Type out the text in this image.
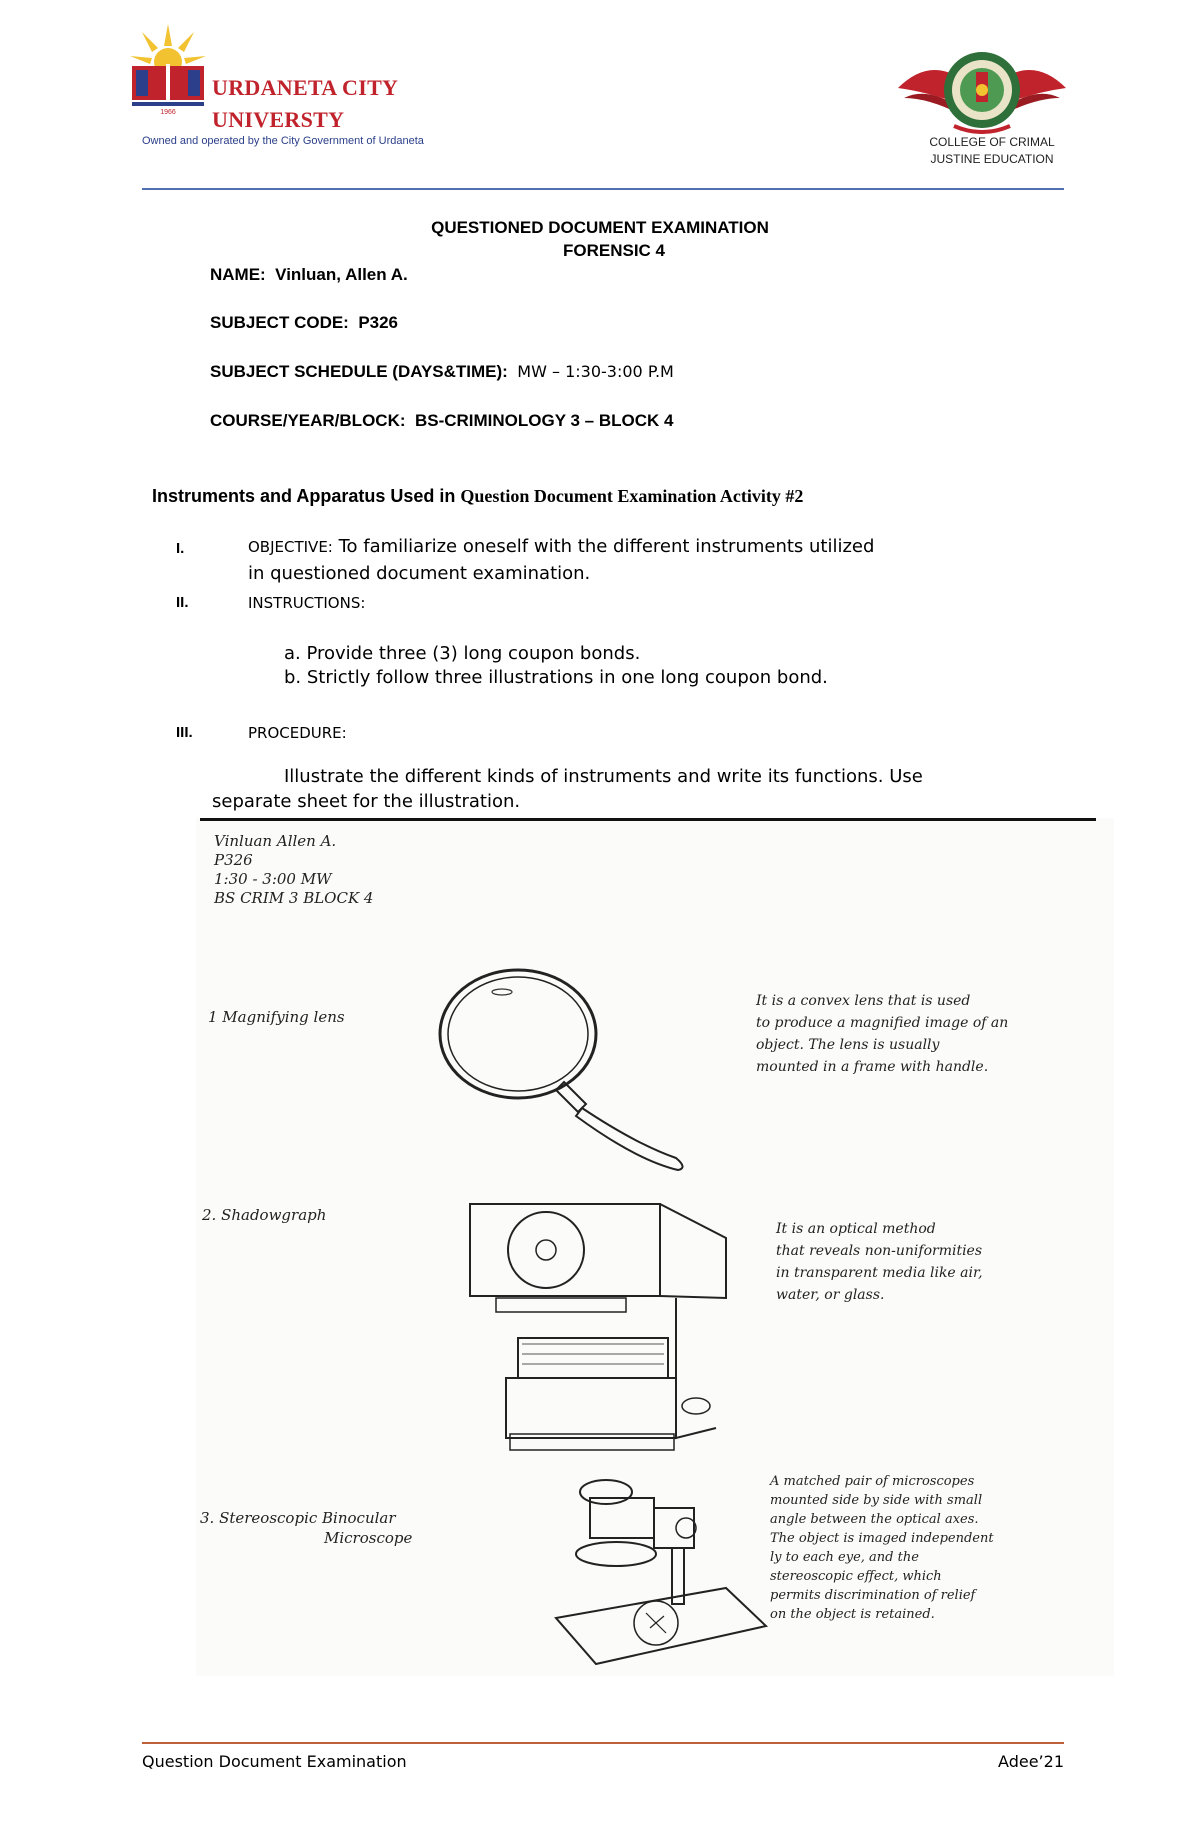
1966
URDANETA CITY
UNIVERSTY
Owned and operated by the City Government of Urdaneta	COLLEGE OF CRIMAL
JUSTINE EDUCATION
QUESTIONED DOCUMENT EXAMINATION
FORENSIC 4
NAME: Vinluan, Allen A.
SUBJECT CODE: P326
SUBJECT SCHEDULE (DAYS&TIME): MW – 1:30-3:00 P.M
COURSE/YEAR/BLOCK: BS-CRIMINOLOGY 3 – BLOCK 4
Instruments and Apparatus Used in Question Document Examination Activity #2
I.	OBJECTIVE: To familiarize oneself with the different instruments utilized
in questioned document examination.
II.	INSTRUCTIONS:
a. Provide three (3) long coupon bonds.
b. Strictly follow three illustrations in one long coupon bond.
III.	PROCEDURE:
Illustrate the different kinds of instruments and write its functions. Use
separate sheet for the illustration.
Vinluan Allen A.
P326
1:30 - 3:00 MW
BS CRIM 3 BLOCK 4
1 Magnifying lens
It is a convex lens that is used
to produce a magnified image of an
object. The lens is usually
mounted in a frame with handle.
2. Shadowgraph
It is an optical method
that reveals non-uniformities
in transparent media like air,
water, or glass.
3. Stereoscopic Binocular
Microscope
A matched pair of microscopes
mounted side by side with small
angle between the optical axes.
The object is imaged independent
ly to each eye, and the
stereoscopic effect, which
permits discrimination of relief
on the object is retained.
Question Document Examination	Adee’21
